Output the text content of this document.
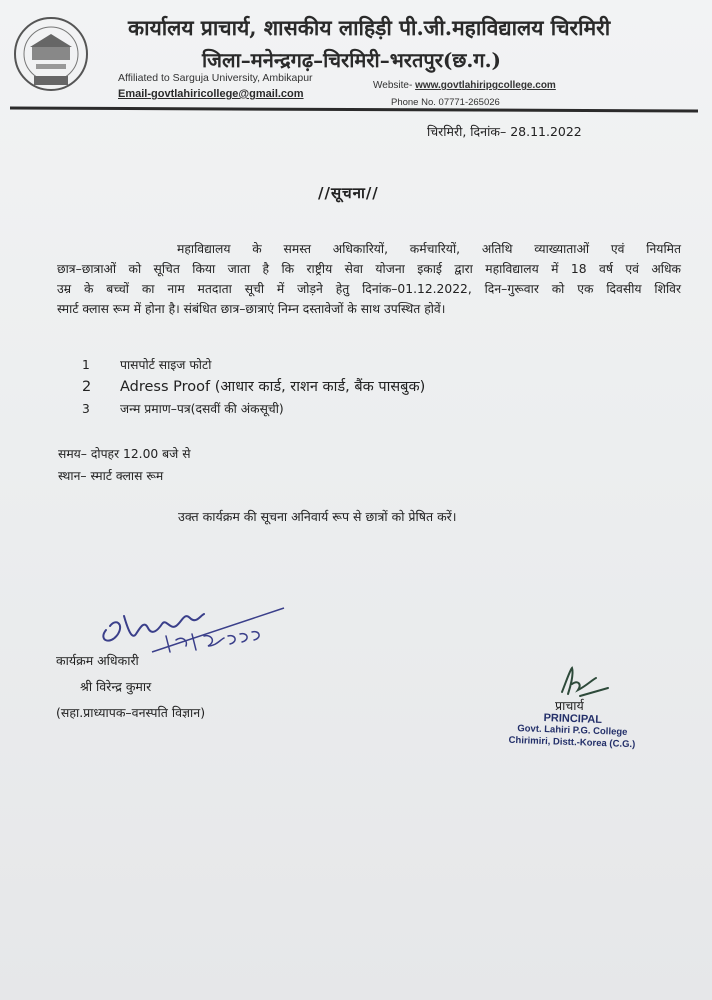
कार्यालय प्राचार्य, शासकीय लाहिड़ी पी.जी.महाविद्यालय चिरमिरी
जिला–मनेन्द्रगढ़–चिरमिरी–भरतपुर(छ.ग.)
Affiliated to Sarguja University, Ambikapur
Website- www.govtlahiripgcollege.com
Email-govtlahiricollege@gmail.com
Phone No. 07771-265026
चिरमिरी, दिनांक– 28.11.2022
//सूचना//
महाविद्यालय के समस्त अधिकारियों, कर्मचारियों, अतिथि व्याख्याताओं एवं नियमित
छात्र–छात्राओं को सूचित किया जाता है कि राष्ट्रीय सेवा योजना इकाई द्वारा महाविद्यालय में 18 वर्ष एवं अधिक
उम्र के बच्चों का नाम मतदाता सूची में जोड़ने हेतु दिनांक–01.12.2022, दिन–गुरूवार को एक दिवसीय शिविर
स्मार्ट क्लास रूम में होना है। संबंधित छात्र–छात्राएं निम्न दस्तावेजों के साथ उपस्थित होवें।
1	पासपोर्ट साइज फोटो
2	Adress Proof (आधार कार्ड, राशन कार्ड, बैंक पासबुक)
3	जन्म प्रमाण–पत्र(दसवीं की अंकसूची)
समय– दोपहर 12.00 बजे से
स्थान– स्मार्ट क्लास रूम
उक्त कार्यक्रम की सूचना अनिवार्य रूप से छात्रों को प्रेषित करें।
कार्यक्रम अधिकारी
श्री विरेन्द्र कुमार
(सहा.प्राध्यापक–वनस्पति विज्ञान)	प्राचार्य
PRINCIPAL
Govt. Lahiri P.G. College
Chirimiri, Distt.-Korea (C.G.)
